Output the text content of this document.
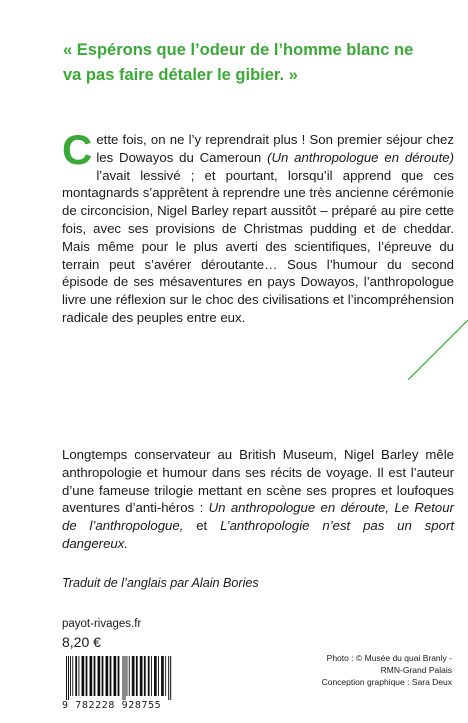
« Espérons que l’odeur de l’homme blanc ne va pas faire détaler le gibier. »

C ette fois, on ne l’y reprendrait plus ! Son premier séjour chez les Dowayos du Cameroun (Un anthropologue en déroute) l’avait lessivé ; et pourtant, lorsqu’il apprend que ces montagnards s’apprêtent à reprendre une très ancienne cérémonie de circoncision, Nigel Barley repart aussitôt – préparé au pire cette fois, avec ses provisions de Christmas pudding et de cheddar. Mais même pour le plus averti des scientifiques, l’épreuve du terrain peut s’avérer déroutante… Sous l’humour du second épisode de ses mésaventures en pays Dowayos, l’anthropologue livre une réflexion sur le choc des civilisations et l’incompréhension radicale des peuples entre eux.

Longtemps conservateur au British Museum, Nigel Barley mêle anthropologie et humour dans ses récits de voyage. Il est l’auteur d’une fameuse trilogie mettant en scène ses propres et loufoques aventures d’anti-héros : Un anthropologue en déroute, Le Retour de l’anthropologue, et L’anthropologie n’est pas un sport dangereux.

Traduit de l’anglais par Alain Bories

payot-rivages.fr

8,20 €

9 782228 928755

Photo : © Musée du quai Branly -
RMN-Grand Palais
Conception graphique : Sara Deux
